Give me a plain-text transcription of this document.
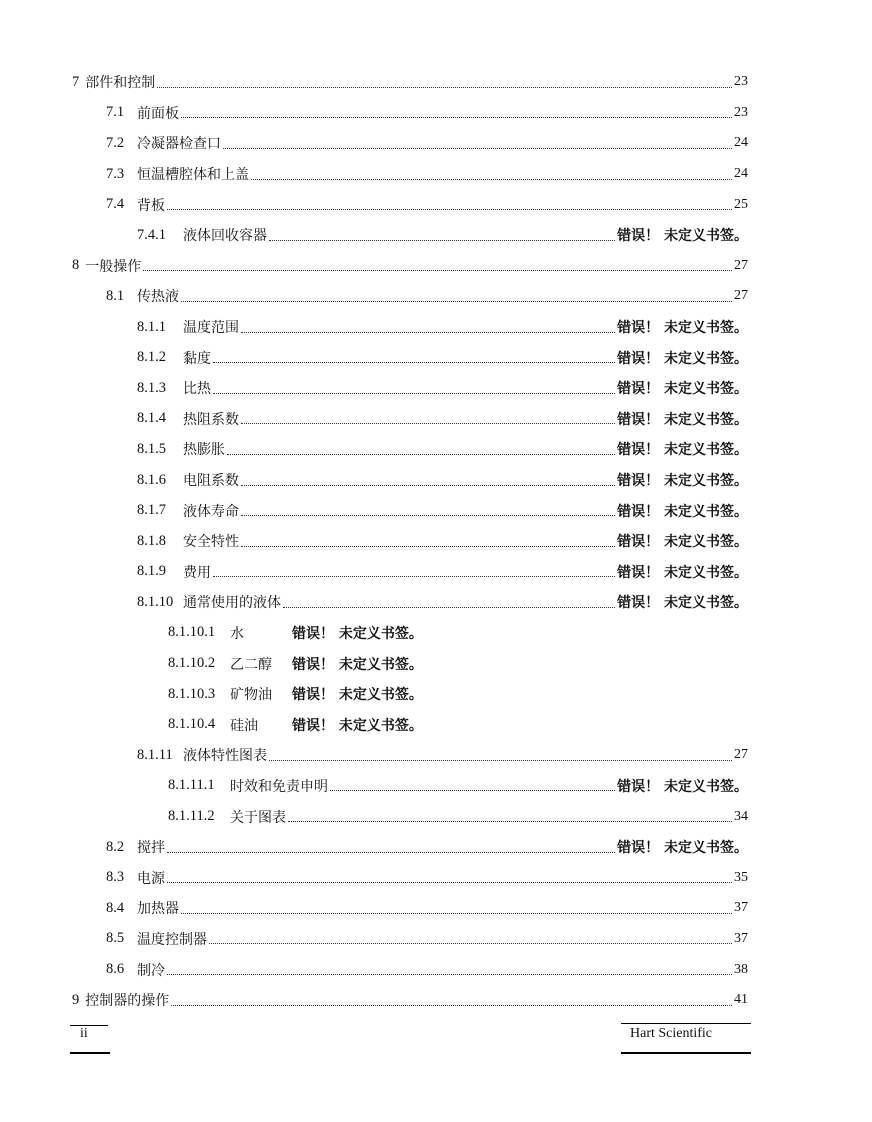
7 部件和控制	23
7.1 前面板	23
7.2 冷凝器检查口	24
7.3 恒温槽腔体和上盖	24
7.4 背板	25
7.4.1	液体回收容器	错误！ 未定义书签。
8 一般操作	27
8.1 传热液	27
8.1.1	温度范围	错误！ 未定义书签。
8.1.2	黏度	错误！ 未定义书签。
8.1.3	比热	错误！ 未定义书签。
8.1.4	热阻系数	错误！ 未定义书签。
8.1.5	热膨胀	错误！ 未定义书签。
8.1.6	电阻系数	错误！ 未定义书签。
8.1.7	液体寿命	错误！ 未定义书签。
8.1.8	安全特性	错误！ 未定义书签。
8.1.9	费用	错误！ 未定义书签。
8.1.10 通常使用的液体	错误！ 未定义书签。
8.1.10.1	水	错误！ 未定义书签。
8.1.10.2	乙二醇	错误！ 未定义书签。
8.1.10.3	矿物油	错误！ 未定义书签。
8.1.10.4	硅油	错误！ 未定义书签。
8.1.11 液体特性图表	27
8.1.11.1	时效和免责申明	错误！ 未定义书签。
8.1.11.2	关于图表	34
8.2 搅拌	错误！ 未定义书签。
8.3 电源	35
8.4 加热器	37
8.5 温度控制器	37
8.6 制冷	38
9 控制器的操作	41
ii	Hart Scientific
